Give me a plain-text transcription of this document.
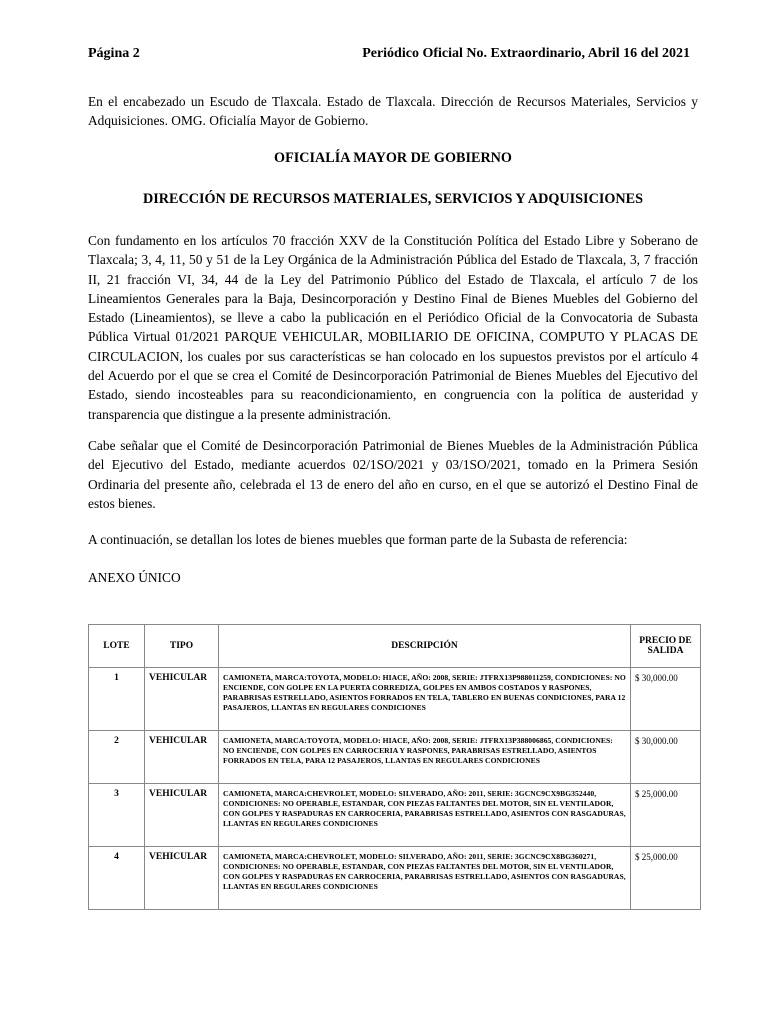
Página 2	Periódico Oficial No. Extraordinario, Abril 16 del 2021

En el encabezado un Escudo de Tlaxcala. Estado de Tlaxcala. Dirección de Recursos Materiales, Servicios y Adquisiciones. OMG. Oficialía Mayor de Gobierno.

OFICIALÍA MAYOR DE GOBIERNO

DIRECCIÓN DE RECURSOS MATERIALES, SERVICIOS Y ADQUISICIONES

Con fundamento en los artículos 70 fracción XXV de la Constitución Política del Estado Libre y Soberano de Tlaxcala; 3, 4, 11, 50 y 51 de la Ley Orgánica de la Administración Pública del Estado de Tlaxcala, 3, 7 fracción II, 21 fracción VI, 34, 44 de la Ley del Patrimonio Público del Estado de Tlaxcala, el artículo 7 de los Lineamientos Generales para la Baja, Desincorporación y Destino Final de Bienes Muebles del Gobierno del Estado (Lineamientos), se lleve a cabo la publicación en el Periódico Oficial de la Convocatoria de Subasta Pública Virtual 01/2021 PARQUE VEHICULAR, MOBILIARIO DE OFICINA, COMPUTO Y PLACAS DE CIRCULACION, los cuales por sus características se han colocado en los supuestos previstos por el artículo 4 del Acuerdo por el que se crea el Comité de Desincorporación Patrimonial de Bienes Muebles del Ejecutivo del Estado, siendo incosteables para su reacondicionamiento, en congruencia con la política de austeridad y transparencia que distingue a la presente administración.

Cabe señalar que el Comité de Desincorporación Patrimonial de Bienes Muebles de la Administración Pública del Ejecutivo del Estado, mediante acuerdos 02/1SO/2021 y 03/1SO/2021, tomado en la Primera Sesión Ordinaria del presente año, celebrada el 13 de enero del año en curso, en el que se autorizó el Destino Final de estos bienes.

A continuación, se detallan los lotes de bienes muebles que forman parte de la Subasta de referencia:

ANEXO ÚNICO

LOTE	TIPO	DESCRIPCIÓN	PRECIO DE SALIDA
1	VEHICULAR	CAMIONETA, MARCA:TOYOTA, MODELO: HIACE, AÑO: 2008, SERIE: JTFRX13P988011259, CONDICIONES: NO ENCIENDE, CON GOLPE EN LA PUERTA CORREDIZA, GOLPES EN AMBOS COSTADOS Y RASPONES, PARABRISAS ESTRELLADO, ASIENTOS FORRADOS EN TELA, TABLERO EN BUENAS CONDICIONES, PARA 12 PASAJEROS, LLANTAS EN REGULARES CONDICIONES	$ 30,000.00
2	VEHICULAR	CAMIONETA, MARCA:TOYOTA, MODELO: HIACE, AÑO: 2008, SERIE: JTFRX13P388006865, CONDICIONES: NO ENCIENDE, CON GOLPES EN CARROCERIA Y RASPONES, PARABRISAS ESTRELLADO, ASIENTOS FORRADOS EN TELA, PARA 12 PASAJEROS, LLANTAS EN REGULARES CONDICIONES	$ 30,000.00
3	VEHICULAR	CAMIONETA, MARCA:CHEVROLET, MODELO: SILVERADO, AÑO: 2011, SERIE: 3GCNC9CX9BG352440, CONDICIONES: NO OPERABLE, ESTANDAR, CON PIEZAS FALTANTES DEL MOTOR, SIN EL VENTILADOR, CON GOLPES Y RASPADURAS EN CARROCERIA, PARABRISAS ESTRELLADO, ASIENTOS CON RASGADURAS, LLANTAS EN REGULARES CONDICIONES	$ 25,000.00
4	VEHICULAR	CAMIONETA, MARCA:CHEVROLET, MODELO: SILVERADO, AÑO: 2011, SERIE: 3GCNC9CX8BG360271, CONDICIONES: NO OPERABLE, ESTANDAR, CON PIEZAS FALTANTES DEL MOTOR, SIN EL VENTILADOR, CON GOLPES Y RASPADURAS EN CARROCERIA, PARABRISAS ESTRELLADO, ASIENTOS CON RASGADURAS, LLANTAS EN REGULARES CONDICIONES	$ 25,000.00
